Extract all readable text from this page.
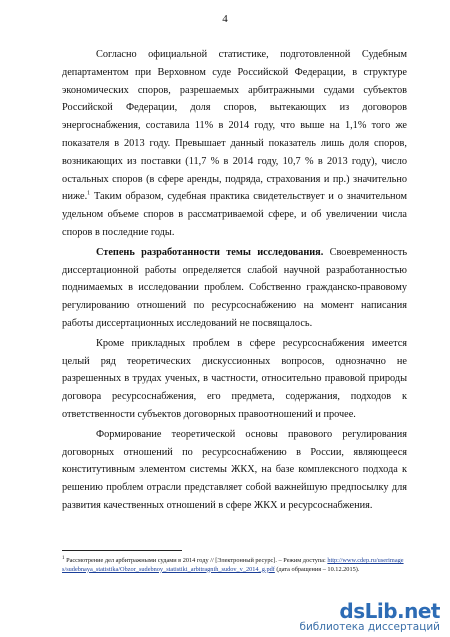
4

Согласно официальной статистике, подготовленной Судебным департаментом при Верховном суде Российской Федерации, в структуре экономических споров, разрешаемых арбитражными судами субъектов Российской Федерации, доля споров, вытекающих из договоров энергоснабжения, составила 11% в 2014 году, что выше на 1,1% того же показателя в 2013 году. Превышает данный показатель лишь доля споров, возникающих из поставки (11,7 % в 2014 году, 10,7 % в 2013 году), число остальных споров (в сфере аренды, подряда, страхования и пр.) значительно ниже.$^1$ Таким образом, судебная практика свидетельствует и о значительном удельном объеме споров в рассматриваемой сфере, и об увеличении числа споров в последние годы.

Степень разработанности темы исследования. Своевременность диссертационной работы определяется слабой научной разработанностью поднимаемых в исследовании проблем. Собственно гражданско-правовому регулированию отношений по ресурсоснабжению на момент написания работы диссертационных исследований не посвящалось.

Кроме прикладных проблем в сфере ресурсоснабжения имеется целый ряд теоретических дискуссионных вопросов, однозначно не разрешенных в трудах ученых, в частности, относительно правовой природы договора ресурсоснабжения, его предмета, содержания, подходов к ответственности субъектов договорных правоотношений и прочее.

Формирование теоретической основы правового регулирования договорных отношений по ресурсоснабжению в России, являющееся конститутивным элементом системы ЖКХ, на базе комплексного подхода к решению проблем отрасли представляет собой важнейшую предпосылку для развития качественных отношений в сфере ЖКХ и ресурсоснабжения.

$^1$ Рассмотрение дел арбитражными судами в 2014 году // [Электронный ресурс]. – Режим доступа: http://www.cdep.ru/userimages/sudebnaya_statistika/Obzor_sudebnoy_statistiki_arbitragnih_sudov_v_2014_g.pdf (дата обращения – 10.12.2015).
dsLib.net
библиотека диссертаций
